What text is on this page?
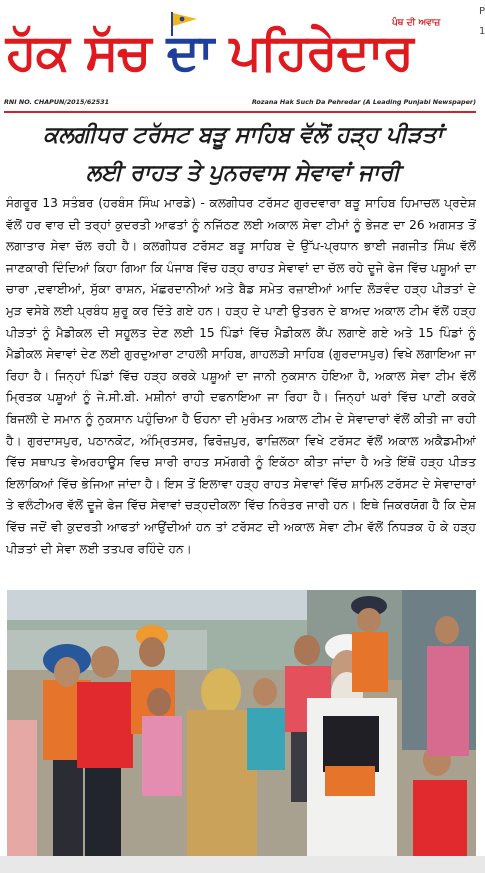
ਹੱਕ ਸੱਚ ਦਾ ਪਹਿਰੇਦਾਰ
ਪੰਥ ਦੀ ਅਵਾਜ਼
P
1
RNI NO. CHAPUN/2015/62531	Rozana Hak Such Da Pehredar (A Leading Punjabi Newspaper)
ਕਲਗੀਧਰ ਟਰੱਸਟ ਬੜੂ ਸਾਹਿਬ ਵੱਲੋਂ ਹੜ੍ਹ ਪੀੜਤਾਂ
ਲਈ ਰਾਹਤ ਤੇ ਪੁਨਰਵਾਸ ਸੇਵਾਵਾਂ ਜਾਰੀ
ਸੰਗਰੂਰ 13 ਸਤੰਬਰ (ਹਰਬੰਸ ਸਿੰਘ ਮਾਰਡੇ) - ਕਲਗੀਧਰ ਟਰੱਸਟ ਗੁਰਦਵਾਰਾ ਬੜੂ ਸਾਹਿਬ ਹਿਮਾਚਲ ਪ੍ਰਦੇਸ਼ ਵੱਲੋਂ ਹਰ ਵਾਰ ਦੀ ਤਰ੍ਹਾਂ ਕੁਦਰਤੀ ਆਫਤਾਂ ਨੂੰ ਨਜਿੱਠਣ ਲਈ ਅਕਾਲ ਸੇਵਾ ਟੀਮਾਂ ਨੂੰ ਭੇਜਣ ਦਾ 26 ਅਗਸਤ ਤੋਂ ਲਗਾਤਾਰ ਸੇਵਾ ਚੱਲ ਰਹੀ ਹੈ। ਕਲਗੀਧਰ ਟਰੱਸਟ ਬੜੂ ਸਾਹਿਬ ਦੇ ਉੱਪ-ਪ੍ਰਧਾਨ ਭਾਈ ਜਗਜੀਤ ਸਿੰਘ ਵੱਲੋਂ ਜਾਣਕਾਰੀ ਦਿੰਦਿਆਂ ਕਿਹਾ ਗਿਆ ਕਿ ਪੰਜਾਬ ਵਿੱਚ ਹੜ੍ਹ ਰਾਹਤ ਸੇਵਾਵਾਂ ਦਾ ਚੱਲ ਰਹੇ ਦੂਜੇ ਫੇਜ ਵਿੱਚ ਪਸ਼ੂਆਂ ਦਾ ਚਾਰਾ ,ਦਵਾਈਆਂ, ਸੁੱਕਾ ਰਾਸ਼ਨ, ਮੱਛਰਦਾਨੀਆਂ ਅਤੇ ਬੈਡ ਸਮੇਤ ਰਜ਼ਾਈਆਂ ਆਦਿ ਲੋੜਵੰਦ ਹੜ੍ਹ ਪੀੜਤਾਂ ਦੇ ਮੁੜ ਵਸੇਬੇ ਲਈ ਪ੍ਰਬੰਧ ਸ਼ੁਰੂ ਕਰ ਦਿੱਤੇ ਗਏ ਹਨ। ਹੜ੍ਹ ਦੇ ਪਾਣੀ ਉਤਰਨ ਦੇ ਬਾਅਦ ਅਕਾਲ ਟੀਮ ਵੱਲੋਂ ਹੜ੍ਹ ਪੀੜਤਾਂ ਨੂੰ ਮੈਡੀਕਲ ਦੀ ਸਹੂਲਤ ਦੇਣ ਲਈ 15 ਪਿੰਡਾਂ ਵਿੱਚ ਮੈਡੀਕਲ ਕੈਂਪ ਲਗਾਏ ਗਏ ਅਤੇ 15 ਪਿੰਡਾਂ ਨੂੰ ਮੈਡੀਕਲ ਸੇਵਾਵਾਂ ਦੇਣ ਲਈ ਗੁਰਦੁਆਰਾ ਟਾਹਲੀ ਸਾਹਿਬ, ਗਾਹਲੜੀ ਸਾਹਿਬ (ਗੁਰਦਾਸਪੁਰ) ਵਿਖੇ ਲਗਾਇਆ ਜਾ ਰਿਹਾ ਹੈ। ਜਿਨ੍ਹਾਂ ਪਿੰਡਾਂ ਵਿੱਚ ਹੜ੍ਹ ਕਰਕੇ ਪਸ਼ੂਆਂ ਦਾ ਜਾਨੀ ਨੁਕਸਾਨ ਹੋਇਆ ਹੈ, ਅਕਾਲ ਸੇਵਾ ਟੀਮ ਵੱਲੋਂ ਮ੍ਰਿਤਕ ਪਸ਼ੂਆਂ ਨੂੰ ਜੇ.ਸੀ.ਬੀ. ਮਸ਼ੀਨਾਂ ਰਾਹੀ ਦਫਨਾਇਆ ਜਾ ਰਿਹਾ ਹੈ। ਜਿਨ੍ਹਾਂ ਘਰਾਂ ਵਿੱਚ ਪਾਣੀ ਕਰਕੇ ਬਿਜਲੀ ਦੇ ਸਮਾਨ ਨੂੰ ਨੁਕਸਾਨ ਪਹੁੰਚਿਆ ਹੈ ਓਹਨਾ ਦੀ ਮੁਰੰਮਤ ਅਕਾਲ ਟੀਮ ਦੇ ਸੇਵਾਦਾਰਾਂ ਵੱਲੋਂ ਕੀਤੀ ਜਾ ਰਹੀ ਹੈ। ਗੁਰਦਾਸਪੁਰ, ਪਠਾਨਕੋਟ, ਅੰਮ੍ਰਿਤਸਰ, ਫਿਰੋਜ਼ਪੁਰ, ਫਾਜ਼ਿਲਕਾ ਵਿਖੇ ਟਰੱਸਟ ਵੱਲੋਂ ਅਕਾਲ ਅਕੈਡਮੀਆਂ ਵਿੱਚ ਸਥਾਪਤ ਵੇਅਰਹਾਊਸ ਵਿਚ ਸਾਰੀ ਰਾਹਤ ਸਮੱਗਰੀ ਨੂੰ ਇਕੱਠਾ ਕੀਤਾ ਜਾਂਦਾ ਹੈ ਅਤੇ ਇੱਥੋਂ ਹੜ੍ਹ ਪੀੜਤ ਇਲਾਕਿਆਂ ਵਿੱਚ ਭੇਜਿਆ ਜਾਂਦਾ ਹੈ। ਇਸ ਤੋਂ ਇਲਾਵਾ ਹੜ੍ਹ ਰਾਹਤ ਸੇਵਾਵਾਂ ਵਿੱਚ ਸ਼ਾਮਿਲ ਟਰੱਸਟ ਦੇ ਸੇਵਾਦਾਰਾਂ ਤੇ ਵਲੰਟੀਅਰ ਵੱਲੋਂ ਦੂਜੇ ਫੇਜ ਵਿੱਚ ਸੇਵਾਵਾਂ ਚੜ੍ਹਦੀਕਲਾ ਵਿੱਚ ਨਿਰੰਤਰ ਜਾਰੀ ਹਨ। ਇਥੇ ਜਿਕਰਯੋਗ ਹੈ ਕਿ ਦੇਸ਼ ਵਿੱਚ ਜਦੋਂ ਵੀ ਕੁਦਰਤੀ ਆਫਤਾਂ ਆਉਂਦੀਆਂ ਹਨ ਤਾਂ ਟਰੱਸਟ ਦੀ ਅਕਾਲ ਸੇਵਾ ਟੀਮ ਵੱਲੋਂ ਨਿਧੜਕ ਹੋ ਕੇ ਹੜ੍ਹ ਪੀੜਤਾਂ ਦੀ ਸੇਵਾ ਲਈ ਤਤਪਰ ਰਹਿੰਦੇ ਹਨ।
